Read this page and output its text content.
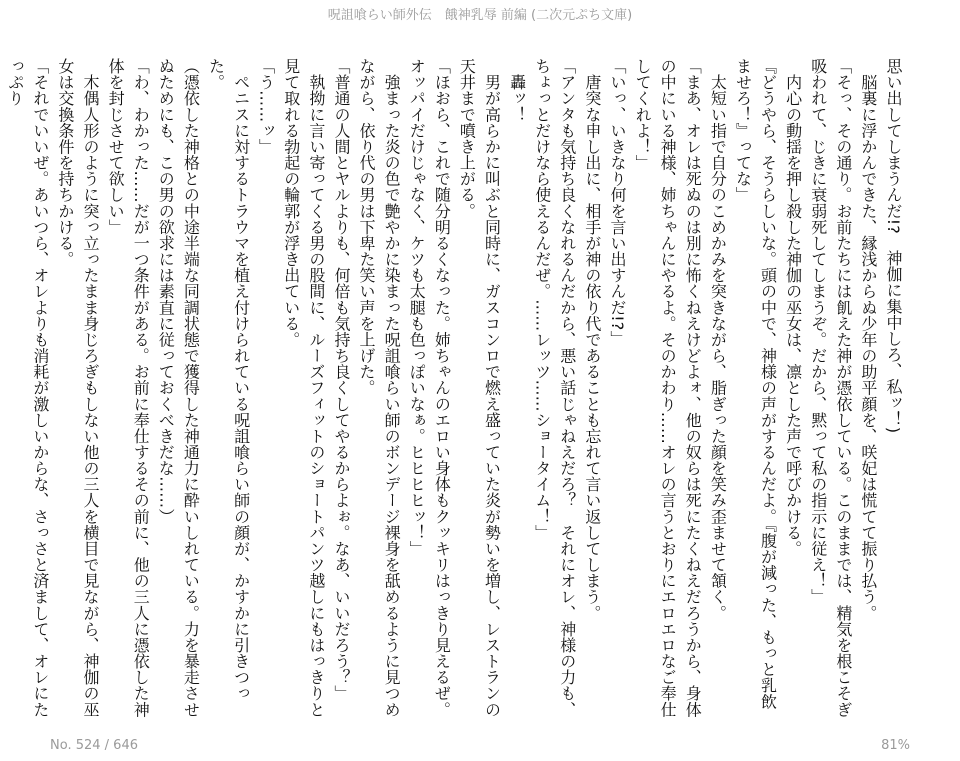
呪詛喰らい師外伝　餓神乳辱 前編 (二次元ぷち文庫)

思い出してしまうんだ!?　神伽に集中しろ、私ッ！)

　脳裏に浮かんできた、縁浅からぬ少年の助平顔を、咲妃は慌てて振り払う。

「そっ、その通り。お前たちには飢えた神が憑依している。このままでは、精気を根こそぎ吸われて、じきに衰弱死してしまうぞ。だから、黙って私の指示に従え！」

　内心の動揺を押し殺した神伽の巫女は、凛とした声で呼びかける。

『どうやら、そうらしいな。頭の中で、神様の声がするんだよ。『腹が減った、もっと乳飲ませろ！』ってな」

　太短い指で自分のこめかみを突きながら、脂ぎった顔を笑み歪ませて頷く。

「まあ、オレは死ぬのは別に怖くねえけどよォ、他の奴らは死にたくねえだろうから、身体の中にいる神様、姉ちゃんにやるよ。そのかわり……オレの言うとおりにエロエロなご奉仕してくれよ！」

「いっ、いきなり何を言い出すんだ!?」

　唐突な申し出に、相手が神の依り代であることも忘れて言い返してしまう。

「アンタも気持ち良くなれるんだから、悪い話じゃねえだろ？　それにオレ、神様の力も、ちょっとだけなら使えるんだぜ。……レッツ……ショータイム！」

　轟ッ！

　男が高らかに叫ぶと同時に、ガスコンロで燃え盛っていた炎が勢いを増し、レストランの天井まで噴き上がる。

「ほおら、これで随分明るくなった。姉ちゃんのエロい身体もクッキリはっきり見えるぜ。オッパイだけじゃなく、ケツも太腿も色っぽいなぁ。ヒヒヒヒッ！」

　強まった炎の色で艶やかに染まった呪詛喰らい師のボンデージ裸身を舐めるように見つめながら、依り代の男は下卑た笑い声を上げた。

「普通の人間とヤルよりも、何倍も気持ち良くしてやるからよぉ。なあ、いいだろう？」

　執拗に言い寄ってくる男の股間に、ルーズフィットのショートパンツ越しにもはっきりと見て取れる勃起の輪郭が浮き出ている。

「う……ッ」

　ペニスに対するトラウマを植え付けられている呪詛喰らい師の顔が、かすかに引きつった。

（憑依した神格との中途半端な同調状態で獲得した神通力に酔いしれている。力を暴走させぬためにも、この男の欲求には素直に従っておくべきだな……）

「わ、わかった……だが一つ条件がある。お前に奉仕するその前に、他の三人に憑依した神体を封じさせて欲しい」

　木偶人形のように突っ立ったまま身じろぎもしない他の三人を横目で見ながら、神伽の巫女は交換条件を持ちかける。

「それでいいぜ。あいつら、オレよりも消耗が激しいからな、さっさと済まして、オレにたっぷり

No. 524 / 646	81%
